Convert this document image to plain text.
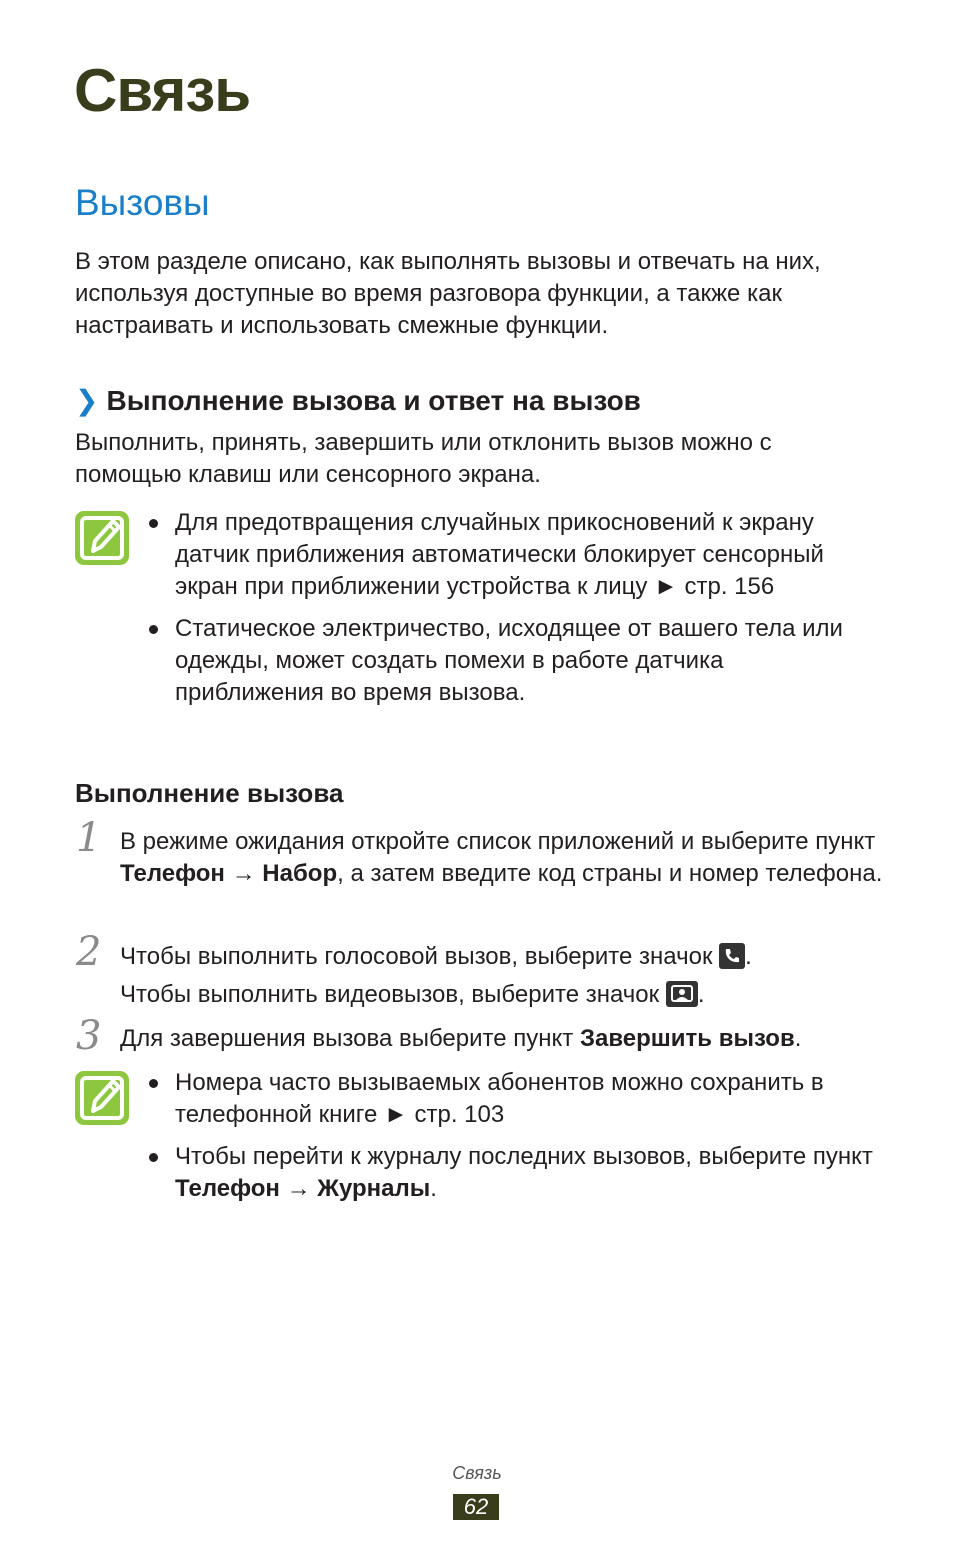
Связь
Вызовы
В этом разделе описано, как выполнять вызовы и отвечать на них, используя доступные во время разговора функции, а также как настраивать и использовать смежные функции.
❯ Выполнение вызова и ответ на вызов
Выполнить, принять, завершить или отклонить вызов можно с помощью клавиш или сенсорного экрана.
Для предотвращения случайных прикосновений к экрану датчик приближения автоматически блокирует сенсорный экран при приближении устройства к лицу ► стр. 156
Статическое электричество, исходящее от вашего тела или одежды, может создать помехи в работе датчика приближения во время вызова.
Выполнение вызова
1 В режиме ожидания откройте список приложений и выберите пункт Телефон → Набор, а затем введите код страны и номер телефона.
2 Чтобы выполнить голосовой вызов, выберите значок
.
Чтобы выполнить видеовызов, выберите значок
.
3 Для завершения вызова выберите пункт Завершить вызов.
Номера часто вызываемых абонентов можно сохранить в телефонной книге ► стр. 103
Чтобы перейти к журналу последних вызовов, выберите пункт Телефон → Журналы.
Связь
62
